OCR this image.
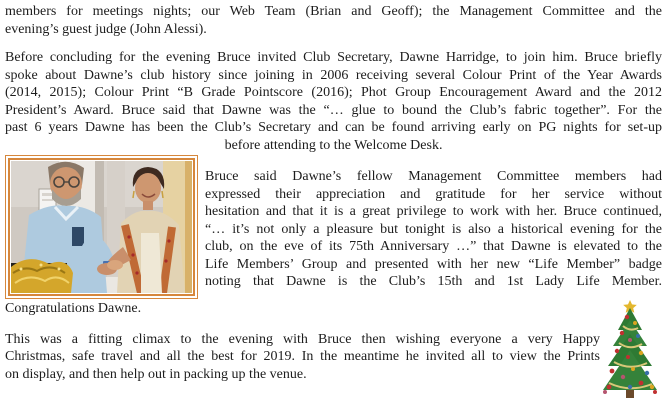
members for meetings nights; our Web Team (Brian and Geoff); the Management Committee and the
evening’s guest judge (John Alessi).
Before concluding for the evening Bruce invited Club Secretary, Dawne Harridge, to join him. Bruce briefly
spoke about Dawne’s club history since joining in 2006 receiving several Colour Print of the Year Awards
(2014, 2015); Colour Print “B Grade Pointscore (2016); Phot Group Encouragement Award and the 2012
President’s Award. Bruce said that Dawne was the “… glue to bound the Club’s fabric together”. For the
past 6 years Dawne has been the Club’s Secretary and can be found arriving early on PG nights for set-up
before attending to the Welcome Desk.
Bruce said Dawne’s fellow Management Committee members had
expressed their appreciation and gratitude for her service without
hesitation and that it is a great privilege to work with her. Bruce continued,
“… it’s not only a pleasure but tonight is also a historical evening for the
club, on the eve of its 75th Anniversary …” that Dawne is elevated to the
Life Members’ Group and presented with her new “Life Member” badge
noting that Dawne is the Club’s 15th and 1st Lady Life Member.
Congratulations Dawne.
This was a fitting climax to the evening with Bruce then wishing everyone a very Happy
Christmas, safe travel and all the best for 2019. In the meantime he invited all to view the Prints
on display, and then help out in packing up the venue.
